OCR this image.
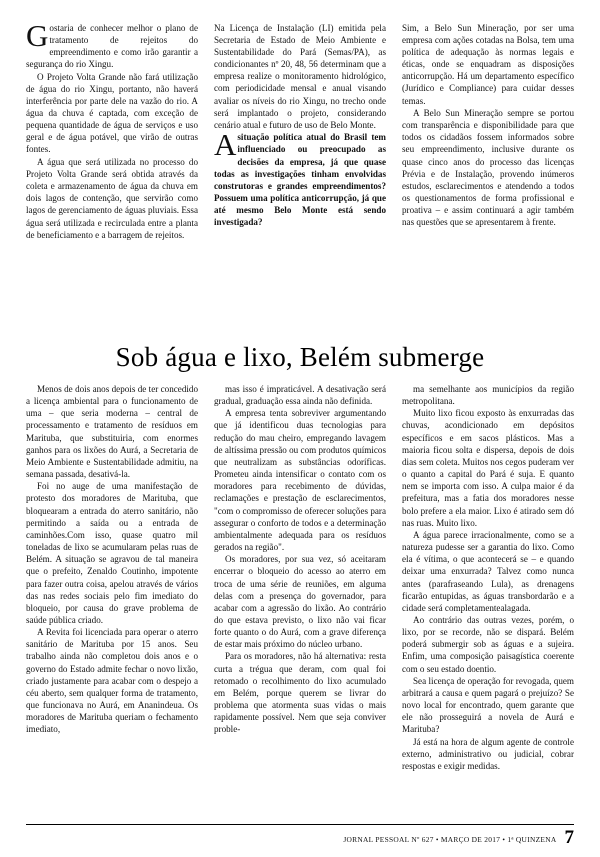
Gostaria de conhecer melhor o plano de tratamento de rejeitos do empreendimento e como irão garantir a segurança do rio Xingu.

O Projeto Volta Grande não fará utilização de água do rio Xingu, portanto, não haverá interferência por parte dele na vazão do rio. A água da chuva é captada, com exceção de pequena quantidade de água de serviços e uso geral e de água potável, que virão de outras fontes.

A água que será utilizada no processo do Projeto Volta Grande será obtida através da coleta e armazenamento de água da chuva em dois lagos de contenção, que servirão como lagos de gerenciamento de águas pluviais. Essa água será utilizada e recirculada entre a planta de beneficiamento e a barragem de rejeitos.

Na Licença de Instalação (LI) emitida pela Secretaria de Estado de Meio Ambiente e Sustentabilidade do Pará (Semas/PA), as condicionantes nº 20, 48, 56 determinam que a empresa realize o monitoramento hidrológico, com periodicidade mensal e anual visando avaliar os níveis do rio Xingu, no trecho onde será implantado o projeto, considerando cenário atual e futuro de uso de Belo Monte.

Asituação política atual do Brasil tem influenciado ou preocupado as decisões da empresa, já que quase todas as investigações tinham envolvidas construtoras e grandes empreendimentos? Possuem uma política anticorrupção, já que até mesmo Belo Monte está sendo investigada?

Sim, a Belo Sun Mineração, por ser uma empresa com ações cotadas na Bolsa, tem uma política de adequação às normas legais e éticas, onde se enquadram as disposições anticorrupção. Há um departamento específico (Jurídico e Compliance) para cuidar desses temas.

A Belo Sun Mineração sempre se portou com transparência e disponibilidade para que todos os cidadãos fossem informados sobre seu empreendimento, inclusive durante os quase cinco anos do processo das licenças Prévia e de Instalação, provendo inúmeros estudos, esclarecimentos e atendendo a todos os questionamentos de forma profissional e proativa – e assim continuará a agir também nas questões que se apresentarem à frente.

Sob água e lixo, Belém submerge

Menos de dois anos depois de ter concedido a licença ambiental para o funcionamento de uma – que seria moderna – central de processamento e tratamento de resíduos em Marituba, que substituiria, com enormes ganhos para os lixões do Aurá, a Secretaria de Meio Ambiente e Sustentabilidade admitiu, na semana passada, desativá-la.

Foi no auge de uma manifestação de protesto dos moradores de Marituba, que bloquearam a entrada do aterro sanitário, não permitindo a saída ou a entrada de caminhões.Com isso, quase quatro mil toneladas de lixo se acumularam pelas ruas de Belém. A situação se agravou de tal maneira que o prefeito, Zenaldo Coutinho, impotente para fazer outra coisa, apelou através de vários das nas redes sociais pelo fim imediato do bloqueio, por causa do grave problema de saúde pública criado.

A Revita foi licenciada para operar o aterro sanitário de Marituba por 15 anos. Seu trabalho ainda não completou dois anos e o governo do Estado admite fechar o novo lixão, criado justamente para acabar com o despejo a céu aberto, sem qualquer forma de tratamento, que funcionava no Aurá, em Ananindeua. Os moradores de Marituba queriam o fechamento imediato,

mas isso é impraticável. A desativação será gradual, graduação essa ainda não definida.

A empresa tenta sobreviver argumentando que já identificou duas tecnologias para redução do mau cheiro, empregando lavagem de altíssima pressão ou com produtos químicos que neutralizam as substâncias odoríficas. Prometeu ainda intensificar o contato com os moradores para recebimento de dúvidas, reclamações e prestação de esclarecimentos, "com o compromisso de oferecer soluções para assegurar o conforto de todos e a determinação ambientalmente adequada para os resíduos gerados na região".

Os moradores, por sua vez, só aceitaram encerrar o bloqueio do acesso ao aterro em troca de uma série de reuniões, em alguma delas com a presença do governador, para acabar com a agressão do lixão. Ao contrário do que estava previsto, o lixo não vai ficar forte quanto o do Aurá, com a grave diferença de estar mais próximo do núcleo urbano.

Para os moradores, não há alternativa: resta curta a trégua que deram, com qual foi retomado o recolhimento do lixo acumulado em Belém, porque querem se livrar do problema que atormenta suas vidas o mais rapidamente possível. Nem que seja conviver proble-

ma semelhante aos municípios da região metropolitana.

Muito lixo ficou exposto às enxurradas das chuvas, acondicionado em depósitos específicos e em sacos plásticos. Mas a maioria ficou solta e dispersa, depois de dois dias sem coleta. Muitos nos cegos puderam ver o quanto a capital do Pará é suja. E quanto nem se importa com isso. A culpa maior é da prefeitura, mas a fatia dos moradores nesse bolo prefere a ela maior. Lixo é atirado sem dó nas ruas. Muito lixo.

A água parece irracionalmente, como se a natureza pudesse ser a garantia do lixo. Como ela é vítima, o que acontecerá se – e quando deixar uma enxurrada? Talvez como nunca antes (parafraseando Lula), as drenagens ficarão entupidas, as águas transbordarão e a cidade será completamentealagada.

Ao contrário das outras vezes, porém, o lixo, por se recorde, não se dispará. Belém poderá submergir sob as águas e a sujeira. Enfim, uma composição paisagística coerente com o seu estado doentio.

Sea licença de operação for revogada, quem arbitrará a causa e quem pagará o prejuízo? Se novo local for encontrado, quem garante que ele não prosseguirá a novela de Aurá e Marituba?

Já está na hora de algum agente de controle externo, administrativo ou judicial, cobrar respostas e exigir medidas.

JORNAL PESSOAL Nº 627 • MARÇO DE 2017 • 1ª QUINZENA 7
